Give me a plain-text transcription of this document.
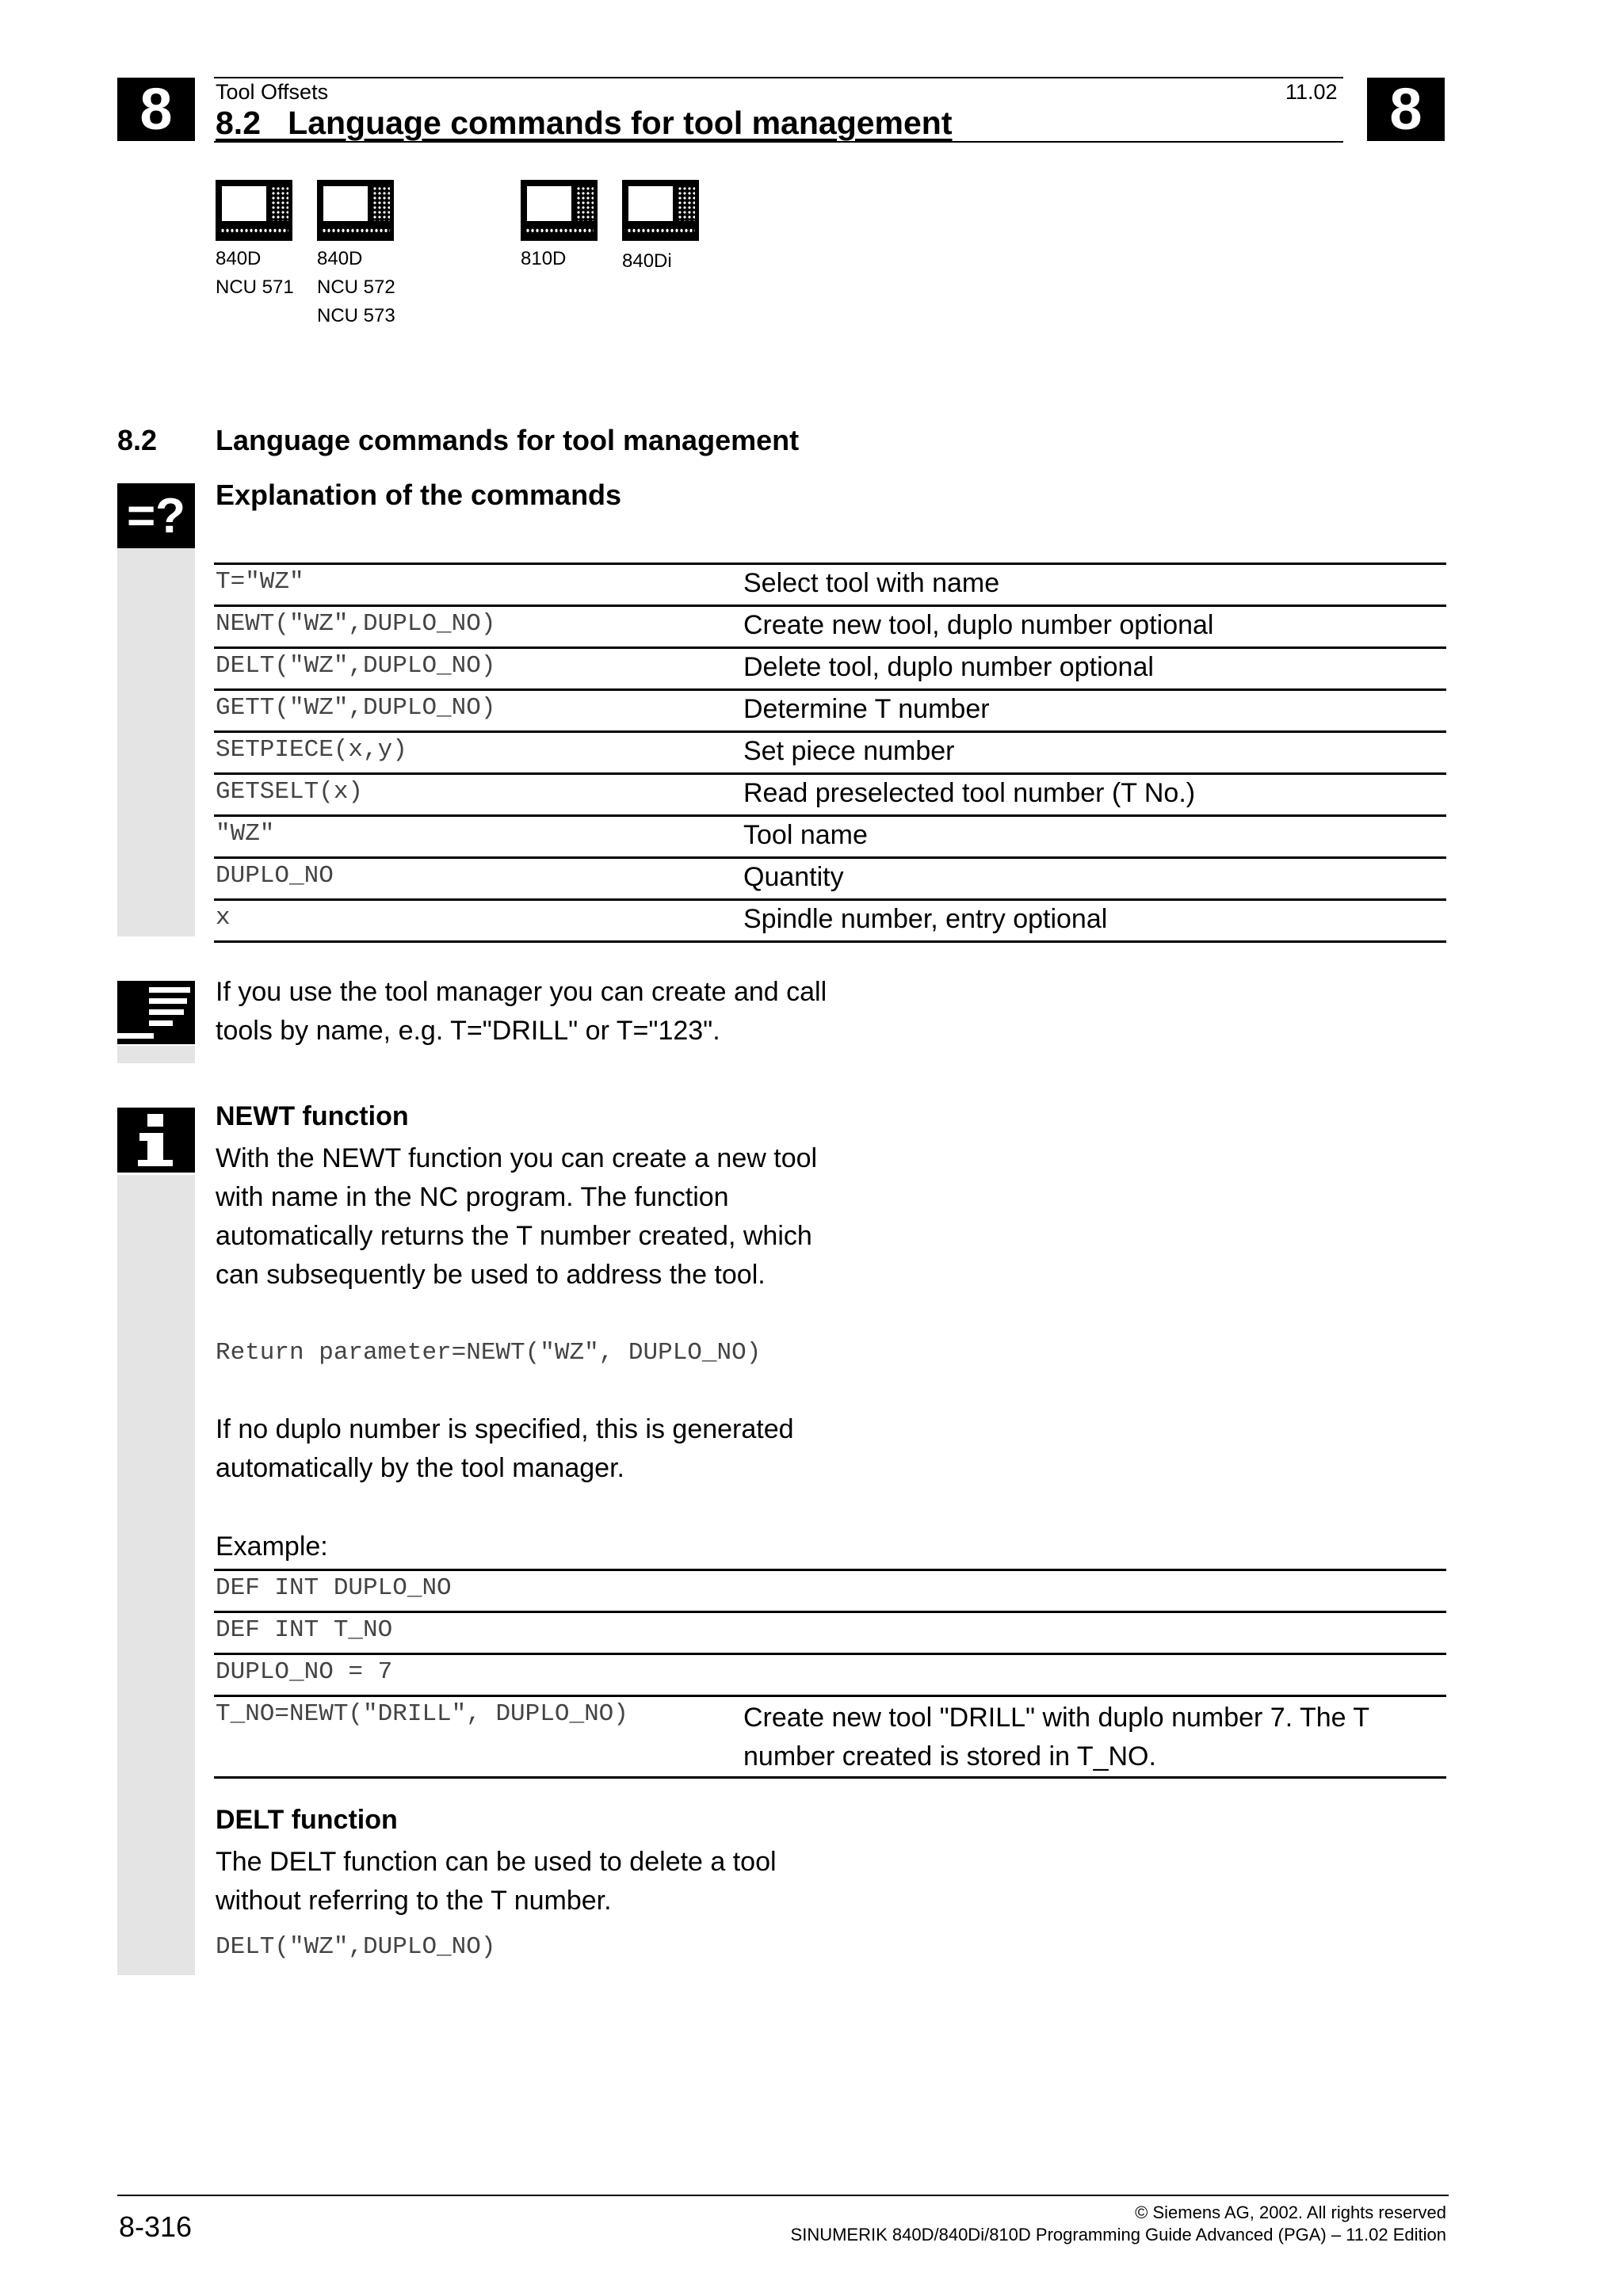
8	8
Tool Offsets	11.02
8.2   Language commands for tool management
840D
NCU 571
840D
NCU 572
NCU 573
810D	840Di
8.2 Language commands for tool management
Explanation of the commands
=?
T="WZ"	Select tool with name
NEWT("WZ",DUPLO_NO)	Create new tool, duplo number optional
DELT("WZ",DUPLO_NO)	Delete tool, duplo number optional
GETT("WZ",DUPLO_NO)	Determine T number
SETPIECE(x,y)	Set piece number
GETSELT(x)	Read preselected tool number (T No.)
"WZ"	Tool name
DUPLO_NO	Quantity
x	Spindle number, entry optional
If you use the tool manager you can create and call
tools by name, e.g. T="DRILL" or T="123".
NEWT function
With the NEWT function you can create a new tool
with name in the NC program. The function
automatically returns the T number created, which
can subsequently be used to address the tool.
Return parameter=NEWT("WZ", DUPLO_NO)
If no duplo number is specified, this is generated
automatically by the tool manager.
Example:
DEF INT DUPLO_NO
DEF INT T_NO
DUPLO_NO = 7
T_NO=NEWT("DRILL", DUPLO_NO)	Create new tool "DRILL" with duplo number 7. The T number created is stored in T_NO.
DELT function
The DELT function can be used to delete a tool
without referring to the T number.
DELT("WZ",DUPLO_NO)
8-316	© Siemens AG, 2002. All rights reserved
SINUMERIK 840D/840Di/810D Programming Guide Advanced (PGA) – 11.02 Edition
